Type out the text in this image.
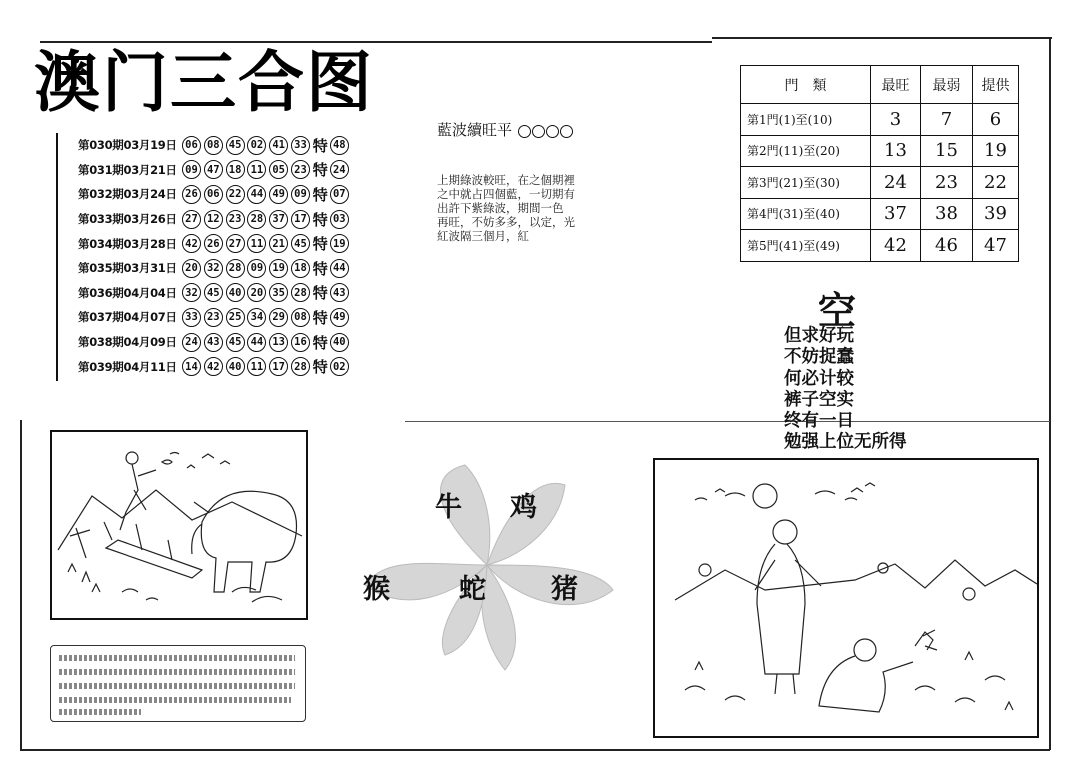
澳门三合图
第030期03月19日 06 08 45 02 41 33 特 48
第031期03月21日 09 47 18 11 05 23 特 24
第032期03月24日 26 06 22 44 49 09 特 07
第033期03月26日 27 12 23 28 37 17 特 03
第034期03月28日 42 26 27 11 21 45 特 19
第035期03月31日 20 32 28 09 19 18 特 44
第036期04月04日 32 45 40 20 35 28 特 43
第037期04月07日 33 23 25 34 29 08 特 49
第038期04月09日 24 43 45 44 13 16 特 40
第039期04月11日 14 42 40 11 17 28 特 02
藍波續旺平
上期綠波較旺，在之個期裡
之中就占四個藍，一切期有
出許下紫綠波，期間一色
再旺，不妨多多，以定，光
紅波隔三個月，紅
門　類	最旺	最弱	提供
第1門(1)至(10)	3	7	6
第2門(11)至(20)	13	15	19
第3門(21)至(30)	24	23	22
第4門(31)至(40)	37	38	39
第5門(41)至(49)	42	46	47
空
但求好玩
不妨捉蠢
何必计较
裤子空实
终有一日
勉强上位无所得
牛 鸡
猴	蛇 猪
